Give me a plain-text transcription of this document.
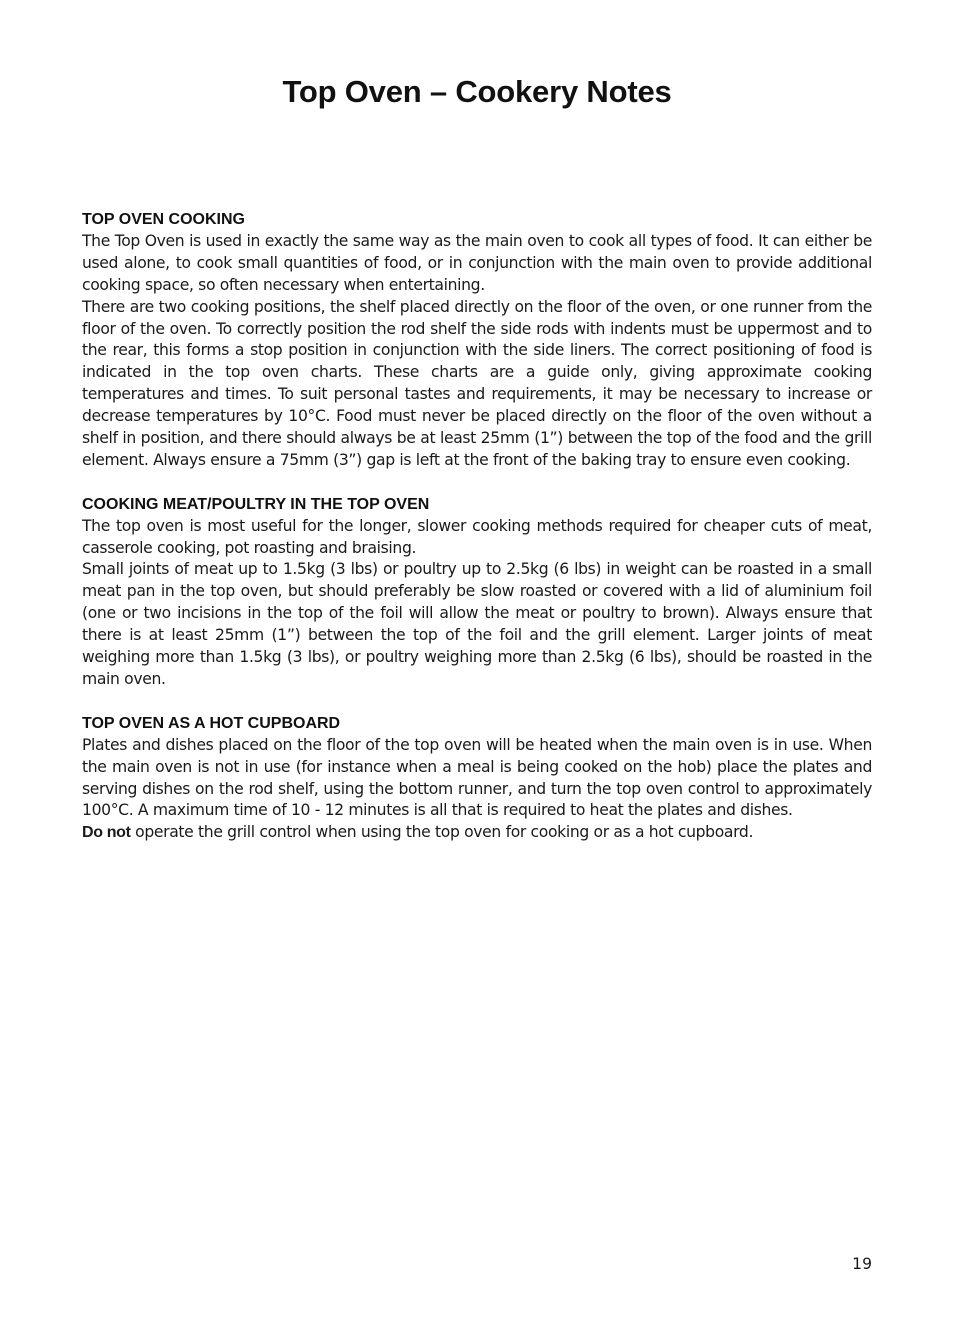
Top Oven – Cookery Notes

TOP OVEN COOKING

The Top Oven is used in exactly the same way as the main oven to cook all types of food. It can either be used alone, to cook small quantities of food, or in conjunction with the main oven to provide additional cooking space, so often necessary when entertaining.

There are two cooking positions, the shelf placed directly on the floor of the oven, or one runner from the floor of the oven. To correctly position the rod shelf the side rods with indents must be uppermost and to the rear, this forms a stop position in conjunction with the side liners. The correct positioning of food is indicated in the top oven charts. These charts are a guide only, giving approximate cooking temperatures and times. To suit personal tastes and requirements, it may be necessary to increase or decrease temperatures by 10°C. Food must never be placed directly on the floor of the oven without a shelf in position, and there should always be at least 25mm (1”) between the top of the food and the grill element. Always ensure a 75mm (3”) gap is left at the front of the baking tray to ensure even cooking.

COOKING MEAT/POULTRY IN THE TOP OVEN

The top oven is most useful for the longer, slower cooking methods required for cheaper cuts of meat, casserole cooking, pot roasting and braising.

Small joints of meat up to 1.5kg (3 lbs) or poultry up to 2.5kg (6 lbs) in weight can be roasted in a small meat pan in the top oven, but should preferably be slow roasted or covered with a lid of aluminium foil (one or two incisions in the top of the foil will allow the meat or poultry to brown). Always ensure that there is at least 25mm (1”) between the top of the foil and the grill element. Larger joints of meat weighing more than 1.5kg (3 lbs), or poultry weighing more than 2.5kg (6 lbs), should be roasted in the main oven.

TOP OVEN AS A HOT CUPBOARD

Plates and dishes placed on the floor of the top oven will be heated when the main oven is in use. When the main oven is not in use (for instance when a meal is being cooked on the hob) place the plates and serving dishes on the rod shelf, using the bottom runner, and turn the top oven control to approximately 100°C. A maximum time of 10 - 12 minutes is all that is required to heat the plates and dishes.

Do not operate the grill control when using the top oven for cooking or as a hot cupboard.

19
